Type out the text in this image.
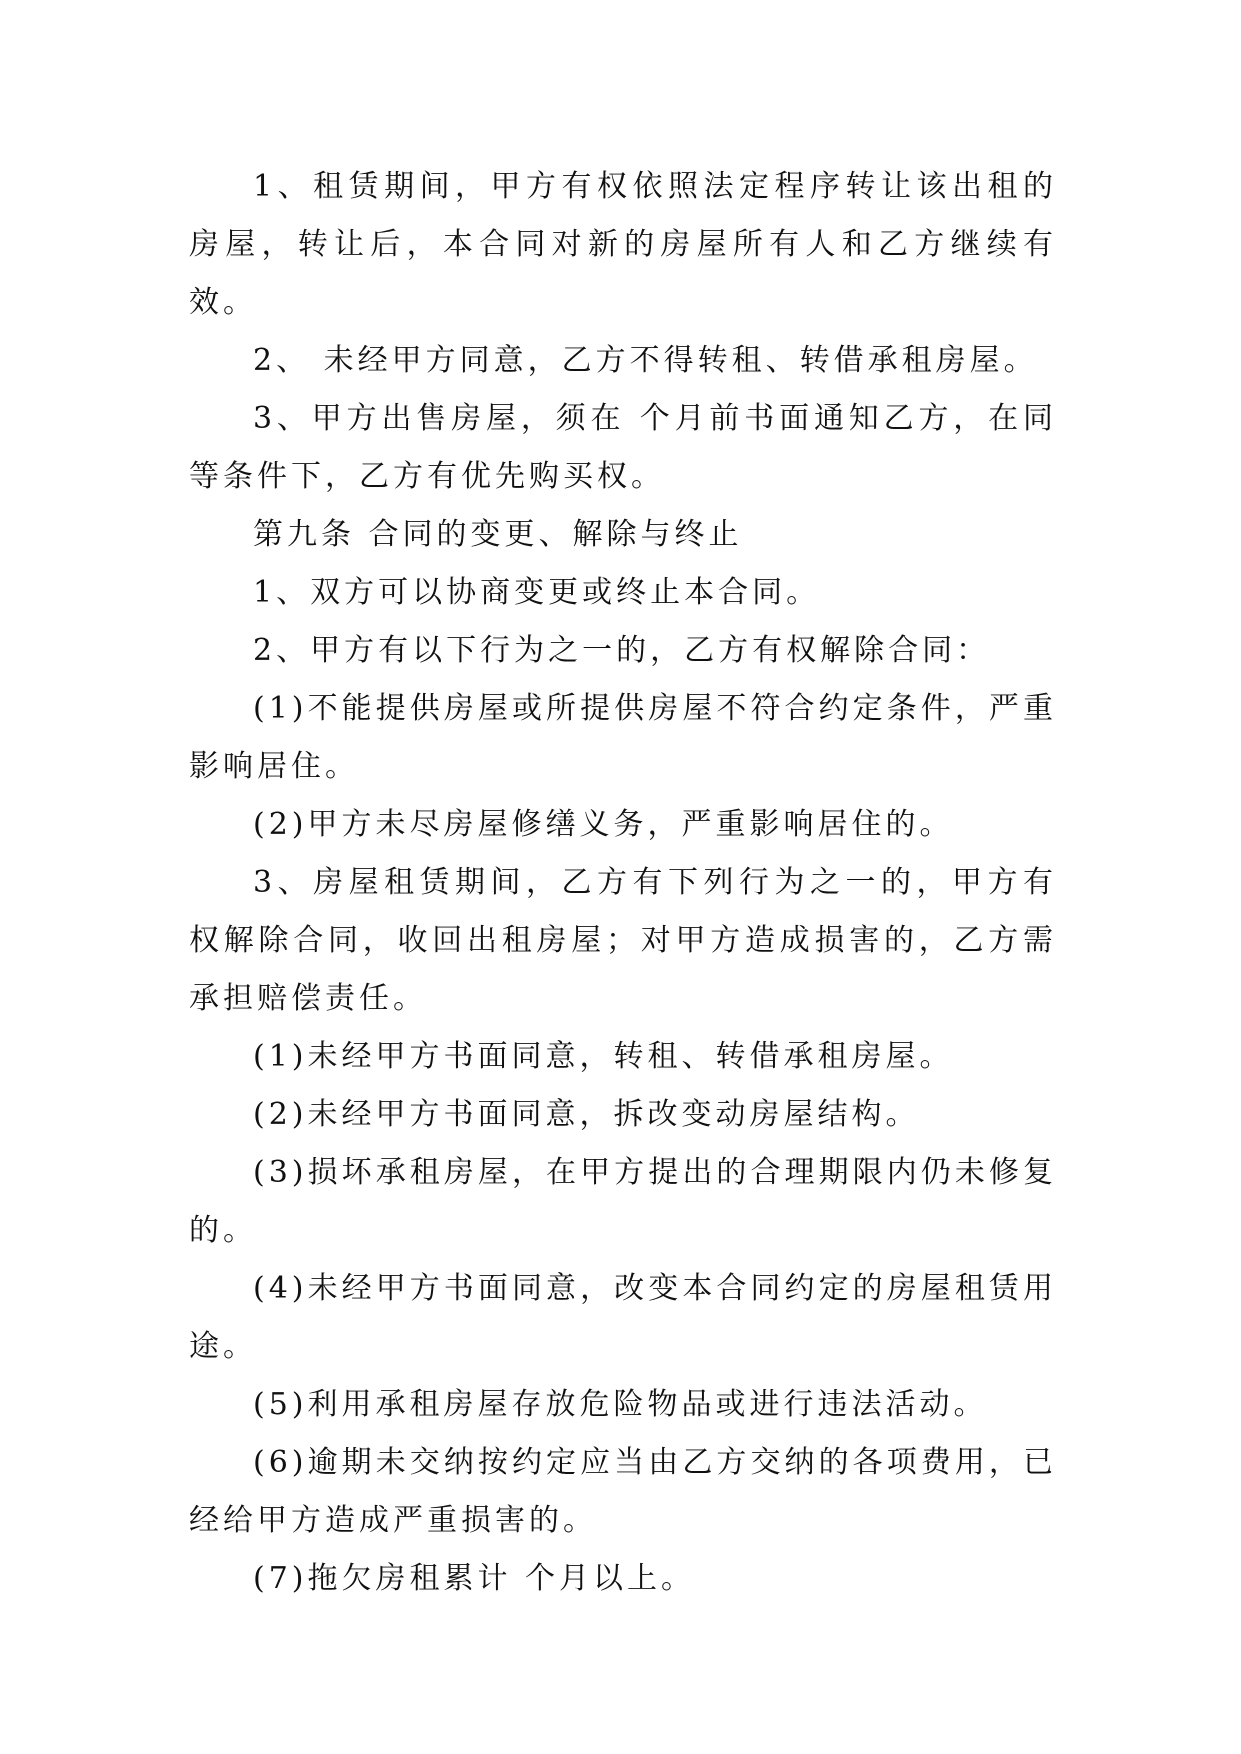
1、租赁期间，甲方有权依照法定程序转让该出租的房屋，转让后，本合同对新的房屋所有人和乙方继续有效。

2、 未经甲方同意，乙方不得转租、转借承租房屋。

3、甲方出售房屋，须在 个月前书面通知乙方，在同等条件下，乙方有优先购买权。

第九条 合同的变更、解除与终止

1、双方可以协商变更或终止本合同。

2、甲方有以下行为之一的，乙方有权解除合同：

(1)不能提供房屋或所提供房屋不符合约定条件，严重影响居住。

(2)甲方未尽房屋修缮义务，严重影响居住的。

3、房屋租赁期间，乙方有下列行为之一的，甲方有权解除合同，收回出租房屋；对甲方造成损害的，乙方需承担赔偿责任。

(1)未经甲方书面同意，转租、转借承租房屋。

(2)未经甲方书面同意，拆改变动房屋结构。

(3)损坏承租房屋，在甲方提出的合理期限内仍未修复的。

(4)未经甲方书面同意，改变本合同约定的房屋租赁用途。

(5)利用承租房屋存放危险物品或进行违法活动。

(6)逾期未交纳按约定应当由乙方交纳的各项费用，已经给甲方造成严重损害的。

(7)拖欠房租累计 个月以上。
